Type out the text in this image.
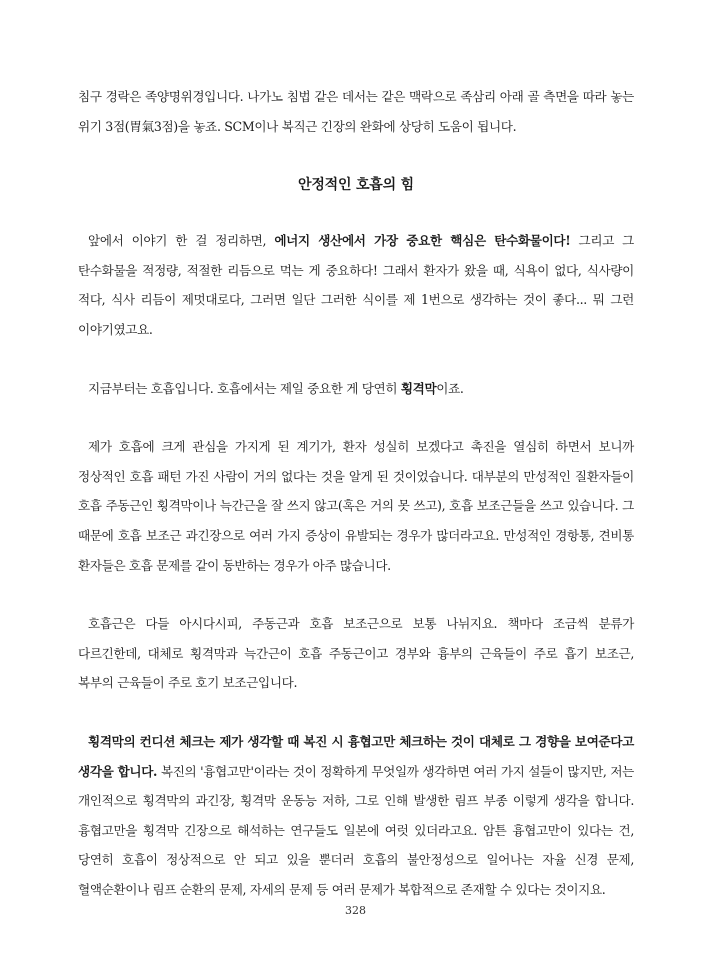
침구 경락은 족양명위경입니다. 나가노 침법 같은 데서는 같은 맥락으로 족삼리 아래 골 측면을 따라 놓는 위기 3점(胃氣3점)을 놓죠. SCM이나 복직근 긴장의 완화에 상당히 도움이 됩니다.

안정적인 호흡의 힘

앞에서 이야기 한 걸 정리하면, 에너지 생산에서 가장 중요한 핵심은 탄수화물이다! 그리고 그 탄수화물을 적정량, 적절한 리듬으로 먹는 게 중요하다! 그래서 환자가 왔을 때, 식욕이 없다, 식사량이 적다, 식사 리듬이 제멋대로다, 그러면 일단 그러한 식이를 제 1번으로 생각하는 것이 좋다... 뭐 그런 이야기였고요.

지금부터는 호흡입니다. 호흡에서는 제일 중요한 게 당연히 횡격막이죠.

제가 호흡에 크게 관심을 가지게 된 계기가, 환자 성실히 보겠다고 촉진을 열심히 하면서 보니까 정상적인 호흡 패턴 가진 사람이 거의 없다는 것을 알게 된 것이었습니다. 대부분의 만성적인 질환자들이 호흡 주동근인 횡격막이나 늑간근을 잘 쓰지 않고(혹은 거의 못 쓰고), 호흡 보조근들을 쓰고 있습니다. 그 때문에 호흡 보조근 과긴장으로 여러 가지 증상이 유발되는 경우가 많더라고요. 만성적인 경항통, 견비통 환자들은 호흡 문제를 같이 동반하는 경우가 아주 많습니다.

호흡근은 다들 아시다시피, 주동근과 호흡 보조근으로 보통 나뉘지요. 책마다 조금씩 분류가 다르긴한데, 대체로 횡격막과 늑간근이 호흡 주동근이고 경부와 흉부의 근육들이 주로 흡기 보조근, 복부의 근육들이 주로 호기 보조근입니다.

횡격막의 컨디션 체크는 제가 생각할 때 복진 시 흉협고만 체크하는 것이 대체로 그 경향을 보여준다고 생각을 합니다. 복진의 '흉협고만'이라는 것이 정확하게 무엇일까 생각하면 여러 가지 설들이 많지만, 저는 개인적으로 횡격막의 과긴장, 횡격막 운동능 저하, 그로 인해 발생한 림프 부종 이렇게 생각을 합니다. 흉협고만을 횡격막 긴장으로 해석하는 연구들도 일본에 여럿 있더라고요. 암튼 흉협고만이 있다는 건, 당연히 호흡이 정상적으로 안 되고 있을 뿐더러 호흡의 불안정성으로 일어나는 자율 신경 문제, 혈액순환이나 림프 순환의 문제, 자세의 문제 등 여러 문제가 복합적으로 존재할 수 있다는 것이지요.

328
